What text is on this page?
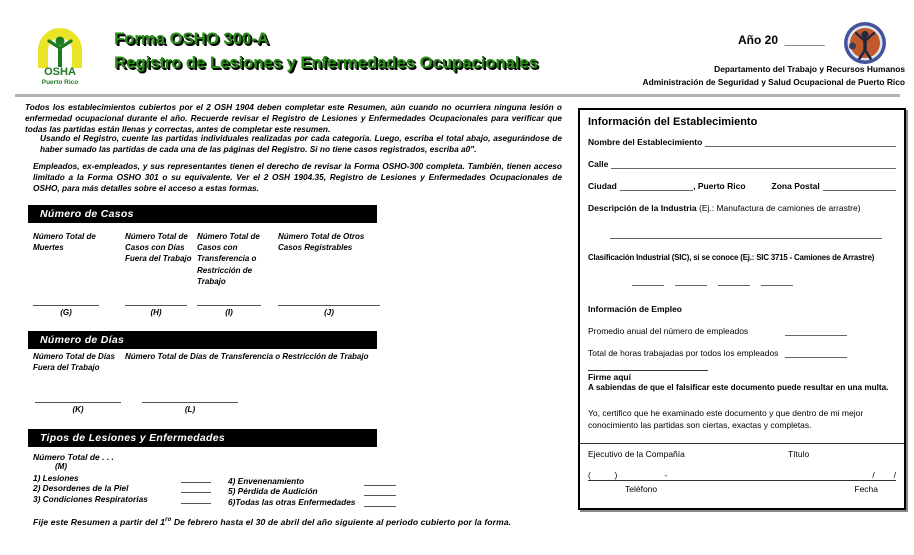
OSHA
Puerto Rico
Forma OSHO 300-A
Registro de Lesiones y Enfermedades Ocupacionales
Año 20  ______
Departamento del Trabajo y Recursos Humanos
Administración de Seguridad y Salud Ocupacional de Puerto Rico
Todos los establecimientos cubiertos por el 2 OSH 1904 deben completar este Resumen, aún cuando no ocurriera ninguna lesión o enfermedad ocupacional durante el año. Recuerde revisar el Registro de Lesiones y Enfermedades Ocupacionales para verificar que todas las partidas están llenas y correctas, antes de completar este resumen.
Usando el Registro, cuente las partidas individuales realizadas por cada categoría. Luego, escriba el total abajo, asegurándose de haber sumado las partidas de cada una de las páginas del Registro. Si no tiene casos registrados, escriba a0".
Empleados, ex-empleados, y sus representantes tienen el derecho de revisar la Forma OSHO-300 completa. También, tienen acceso limitado a la Forma OSHO 301 o su equivalente. Ver el 2 OSH 1904.35, Registro de Lesiones y Enfermedades Ocupacionales de OSHO, para más detalles sobre el acceso a estas formas.
Número de Casos
Número Total de Muertes
(G)
Número Total de Casos con Días Fuera del Trabajo
(H)
Número Total de Casos con Transferencia o Restricción de Trabajo
(I)
Número Total de Otros Casos Registrables
(J)
Número de Días
Número Total de Días Fuera del Trabajo
Número Total de Días de Transferencia o Restricción de Trabajo
(K)	(L)
Tipos de Lesiones y Enfermedades
Número Total de . . .
(M)
1) Lesiones
2) Desordenes de la Piel
3) Condiciones Respiratorias
4) Envenenamiento
5) Pérdida de Audición
6)Todas las otras Enfermedades
Fije este Resumen a partir del $1^{ro}$ De febrero hasta el 30 de abril del año siguiente al periodo cubierto por la forma.
Información del Establecimiento
Nombre del Establecimiento
Calle
Ciudad	, Puerto Rico	Zona Postal
Descripción de la Industria (Ej.: Manufactura de camiones de arrastre)
Clasificación Industrial (SIC), si se conoce (Ej.: SIC 3715 - Camiones de Arrastre)
Información de Empleo
Promedio anual del número de empleados
Total de horas trabajadas por todos los empleados
Firme aquí
A sabiendas de que el falsificar este documento puede resultar en una multa.
Yo, certifico que he examinado este documento y que dentro de mi mejor conocimiento las partidas son ciertas, exactas y completas.
Ejecutivo de la Compañía	Título
(          )                    -	/        /
Teléfono	Fecha
